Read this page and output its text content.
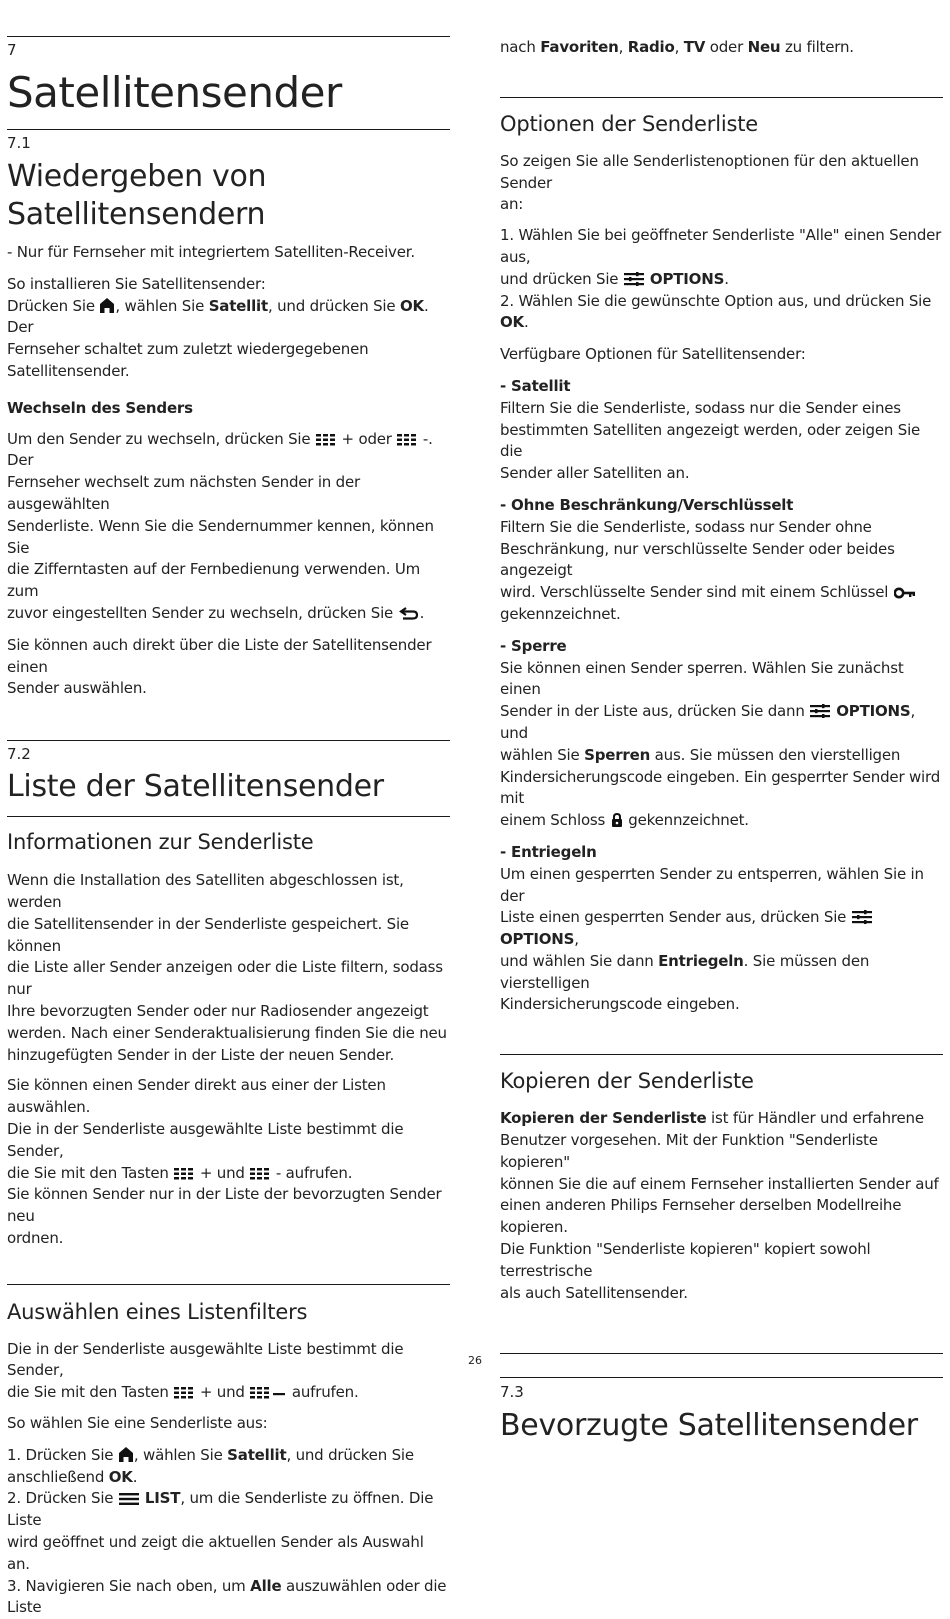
7
Satellitensender
7.1
Wiedergeben von
Satellitensendern

- Nur für Fernseher mit integriertem Satelliten-Receiver.

So installieren Sie Satellitensender:
Drücken Sie , wählen Sie Satellit, und drücken Sie OK. Der
Fernseher schaltet zum zuletzt wiedergegebenen
Satellitensender.

Wechseln des Senders

Um den Sender zu wechseln, drücken Sie  + oder  -. Der
Fernseher wechselt zum nächsten Sender in der ausgewählten
Senderliste. Wenn Sie die Sendernummer kennen, können Sie
die Zifferntasten auf der Fernbedienung verwenden. Um zum
zuvor eingestellten Sender zu wechseln, drücken Sie .

Sie können auch direkt über die Liste der Satellitensender einen
Sender auswählen.

7.2
Liste der Satellitensender
Informationen zur Senderliste

Wenn die Installation des Satelliten abgeschlossen ist, werden
die Satellitensender in der Senderliste gespeichert. Sie können
die Liste aller Sender anzeigen oder die Liste filtern, sodass nur
Ihre bevorzugten Sender oder nur Radiosender angezeigt
werden. Nach einer Senderaktualisierung finden Sie die neu
hinzugefügten Sender in der Liste der neuen Sender.

Sie können einen Sender direkt aus einer der Listen auswählen.
Die in der Senderliste ausgewählte Liste bestimmt die Sender,
die Sie mit den Tasten  + und  - aufrufen.
Sie können Sender nur in der Liste der bevorzugten Sender neu
ordnen.

Auswählen eines Listenfilters

Die in der Senderliste ausgewählte Liste bestimmt die Sender,
die Sie mit den Tasten  + und	aufrufen.

So wählen Sie eine Senderliste aus:

1. Drücken Sie , wählen Sie Satellit, und drücken Sie
anschließend OK.
2. Drücken Sie  LIST, um die Senderliste zu öffnen. Die Liste
wird geöffnet und zeigt die aktuellen Sender als Auswahl an.
3. Navigieren Sie nach oben, um Alle auszuwählen oder die Liste

nach Favoriten, Radio, TV oder Neu zu filtern.

Optionen der Senderliste

So zeigen Sie alle Senderlistenoptionen für den aktuellen Sender
an:

1. Wählen Sie bei geöffneter Senderliste "Alle" einen Sender aus,
und drücken Sie  OPTIONS.
2. Wählen Sie die gewünschte Option aus, und drücken Sie OK.

Verfügbare Optionen für Satellitensender:

- Satellit

Filtern Sie die Senderliste, sodass nur die Sender eines
bestimmten Satelliten angezeigt werden, oder zeigen Sie die
Sender aller Satelliten an.

- Ohne Beschränkung/Verschlüsselt

Filtern Sie die Senderliste, sodass nur Sender ohne
Beschränkung, nur verschlüsselte Sender oder beides angezeigt
wird. Verschlüsselte Sender sind mit einem Schlüssel
gekennzeichnet.

- Sperre

Sie können einen Sender sperren. Wählen Sie zunächst einen
Sender in der Liste aus, drücken Sie dann  OPTIONS, und
wählen Sie Sperren aus. Sie müssen den vierstelligen
Kindersicherungscode eingeben. Ein gesperrter Sender wird mit
einem Schloss  gekennzeichnet.

- Entriegeln

Um einen gesperrten Sender zu entsperren, wählen Sie in der
Liste einen gesperrten Sender aus, drücken Sie  OPTIONS,
und wählen Sie dann Entriegeln. Sie müssen den vierstelligen
Kindersicherungscode eingeben.

Kopieren der Senderliste

Kopieren der Senderliste ist für Händler und erfahrene
Benutzer vorgesehen. Mit der Funktion "Senderliste kopieren"
können Sie die auf einem Fernseher installierten Sender auf
einen anderen Philips Fernseher derselben Modellreihe kopieren.
Die Funktion "Senderliste kopieren" kopiert sowohl terrestrische
als auch Satellitensender.

7.3
Bevorzugte Satellitensender
26
